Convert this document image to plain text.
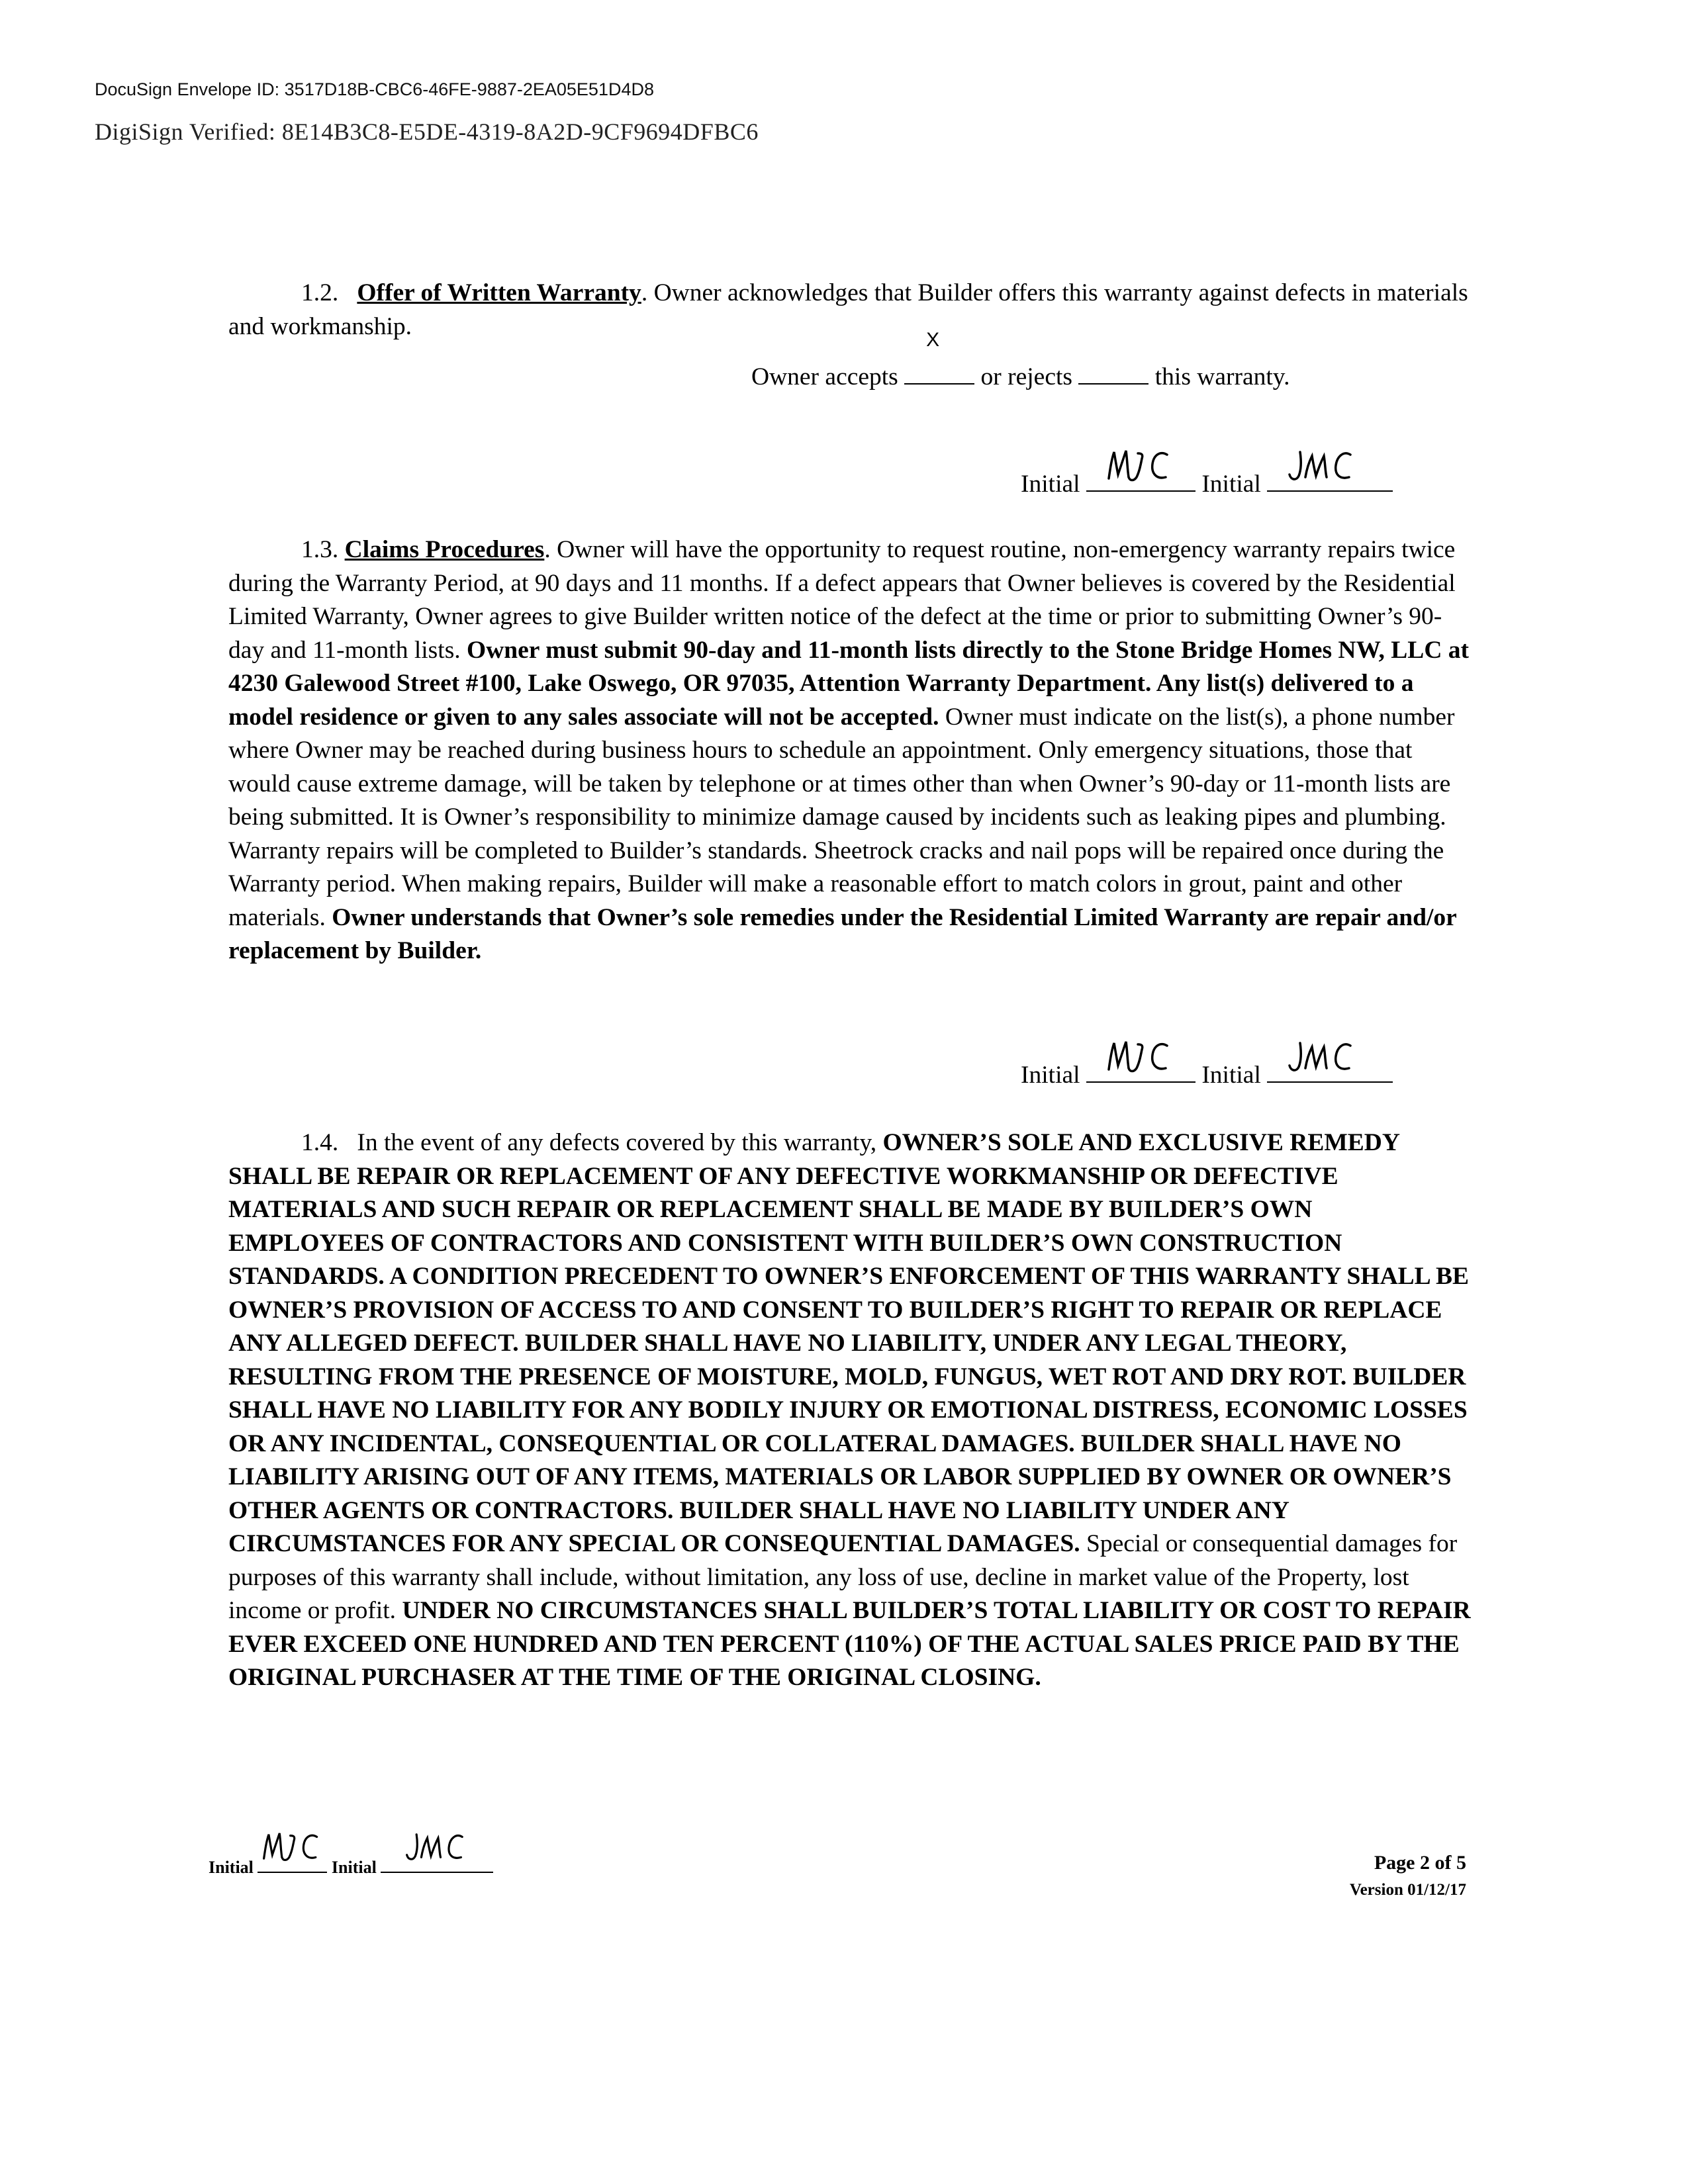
DocuSign Envelope ID: 3517D18B-CBC6-46FE-9887-2EA05E51D4D8
DigiSign Verified: 8E14B3C8-E5DE-4319-8A2D-9CF9694DFBC6

1.2. Offer of Written Warranty. Owner acknowledges that Builder offers this warranty against defects in materials and workmanship.

Owner accepts
X
or rejects	this warranty.
Initial	Initial

1.3. Claims Procedures. Owner will have the opportunity to request routine, non-emergency warranty repairs twice during the Warranty Period, at 90 days and 11 months. If a defect appears that Owner believes is covered by the Residential Limited Warranty, Owner agrees to give Builder written notice of the defect at the time or prior to submitting Owner’s 90-day and 11-month lists. Owner must submit 90-day and 11-month lists directly to the Stone Bridge Homes NW, LLC at 4230 Galewood Street #100, Lake Oswego, OR 97035, Attention Warranty Department. Any list(s) delivered to a model residence or given to any sales associate will not be accepted. Owner must indicate on the list(s), a phone number where Owner may be reached during business hours to schedule an appointment. Only emergency situations, those that would cause extreme damage, will be taken by telephone or at times other than when Owner’s 90-day or 11-month lists are being submitted. It is Owner’s responsibility to minimize damage caused by incidents such as leaking pipes and plumbing. Warranty repairs will be completed to Builder’s standards. Sheetrock cracks and nail pops will be repaired once during the Warranty period. When making repairs, Builder will make a reasonable effort to match colors in grout, paint and other materials. Owner understands that Owner’s sole remedies under the Residential Limited Warranty are repair and/or replacement by Builder.

Initial	Initial

1.4. In the event of any defects covered by this warranty, OWNER’S SOLE AND EXCLUSIVE REMEDY SHALL BE REPAIR OR REPLACEMENT OF ANY DEFECTIVE WORKMANSHIP OR DEFECTIVE MATERIALS AND SUCH REPAIR OR REPLACEMENT SHALL BE MADE BY BUILDER’S OWN EMPLOYEES OF CONTRACTORS AND CONSISTENT WITH BUILDER’S OWN CONSTRUCTION STANDARDS. A CONDITION PRECEDENT TO OWNER’S ENFORCEMENT OF THIS WARRANTY SHALL BE OWNER’S PROVISION OF ACCESS TO AND CONSENT TO BUILDER’S RIGHT TO REPAIR OR REPLACE ANY ALLEGED DEFECT. BUILDER SHALL HAVE NO LIABILITY, UNDER ANY LEGAL THEORY, RESULTING FROM THE PRESENCE OF MOISTURE, MOLD, FUNGUS, WET ROT AND DRY ROT. BUILDER SHALL HAVE NO LIABILITY FOR ANY BODILY INJURY OR EMOTIONAL DISTRESS, ECONOMIC LOSSES OR ANY INCIDENTAL, CONSEQUENTIAL OR COLLATERAL DAMAGES. BUILDER SHALL HAVE NO LIABILITY ARISING OUT OF ANY ITEMS, MATERIALS OR LABOR SUPPLIED BY OWNER OR OWNER’S OTHER AGENTS OR CONTRACTORS. BUILDER SHALL HAVE NO LIABILITY UNDER ANY CIRCUMSTANCES FOR ANY SPECIAL OR CONSEQUENTIAL DAMAGES. Special or consequential damages for purposes of this warranty shall include, without limitation, any loss of use, decline in market value of the Property, lost income or profit. UNDER NO CIRCUMSTANCES SHALL BUILDER’S TOTAL LIABILITY OR COST TO REPAIR EVER EXCEED ONE HUNDRED AND TEN PERCENT (110%) OF THE ACTUAL SALES PRICE PAID BY THE ORIGINAL PURCHASER AT THE TIME OF THE ORIGINAL CLOSING.

Initial	Initial	Page 2 of 5
Version 01/12/17
